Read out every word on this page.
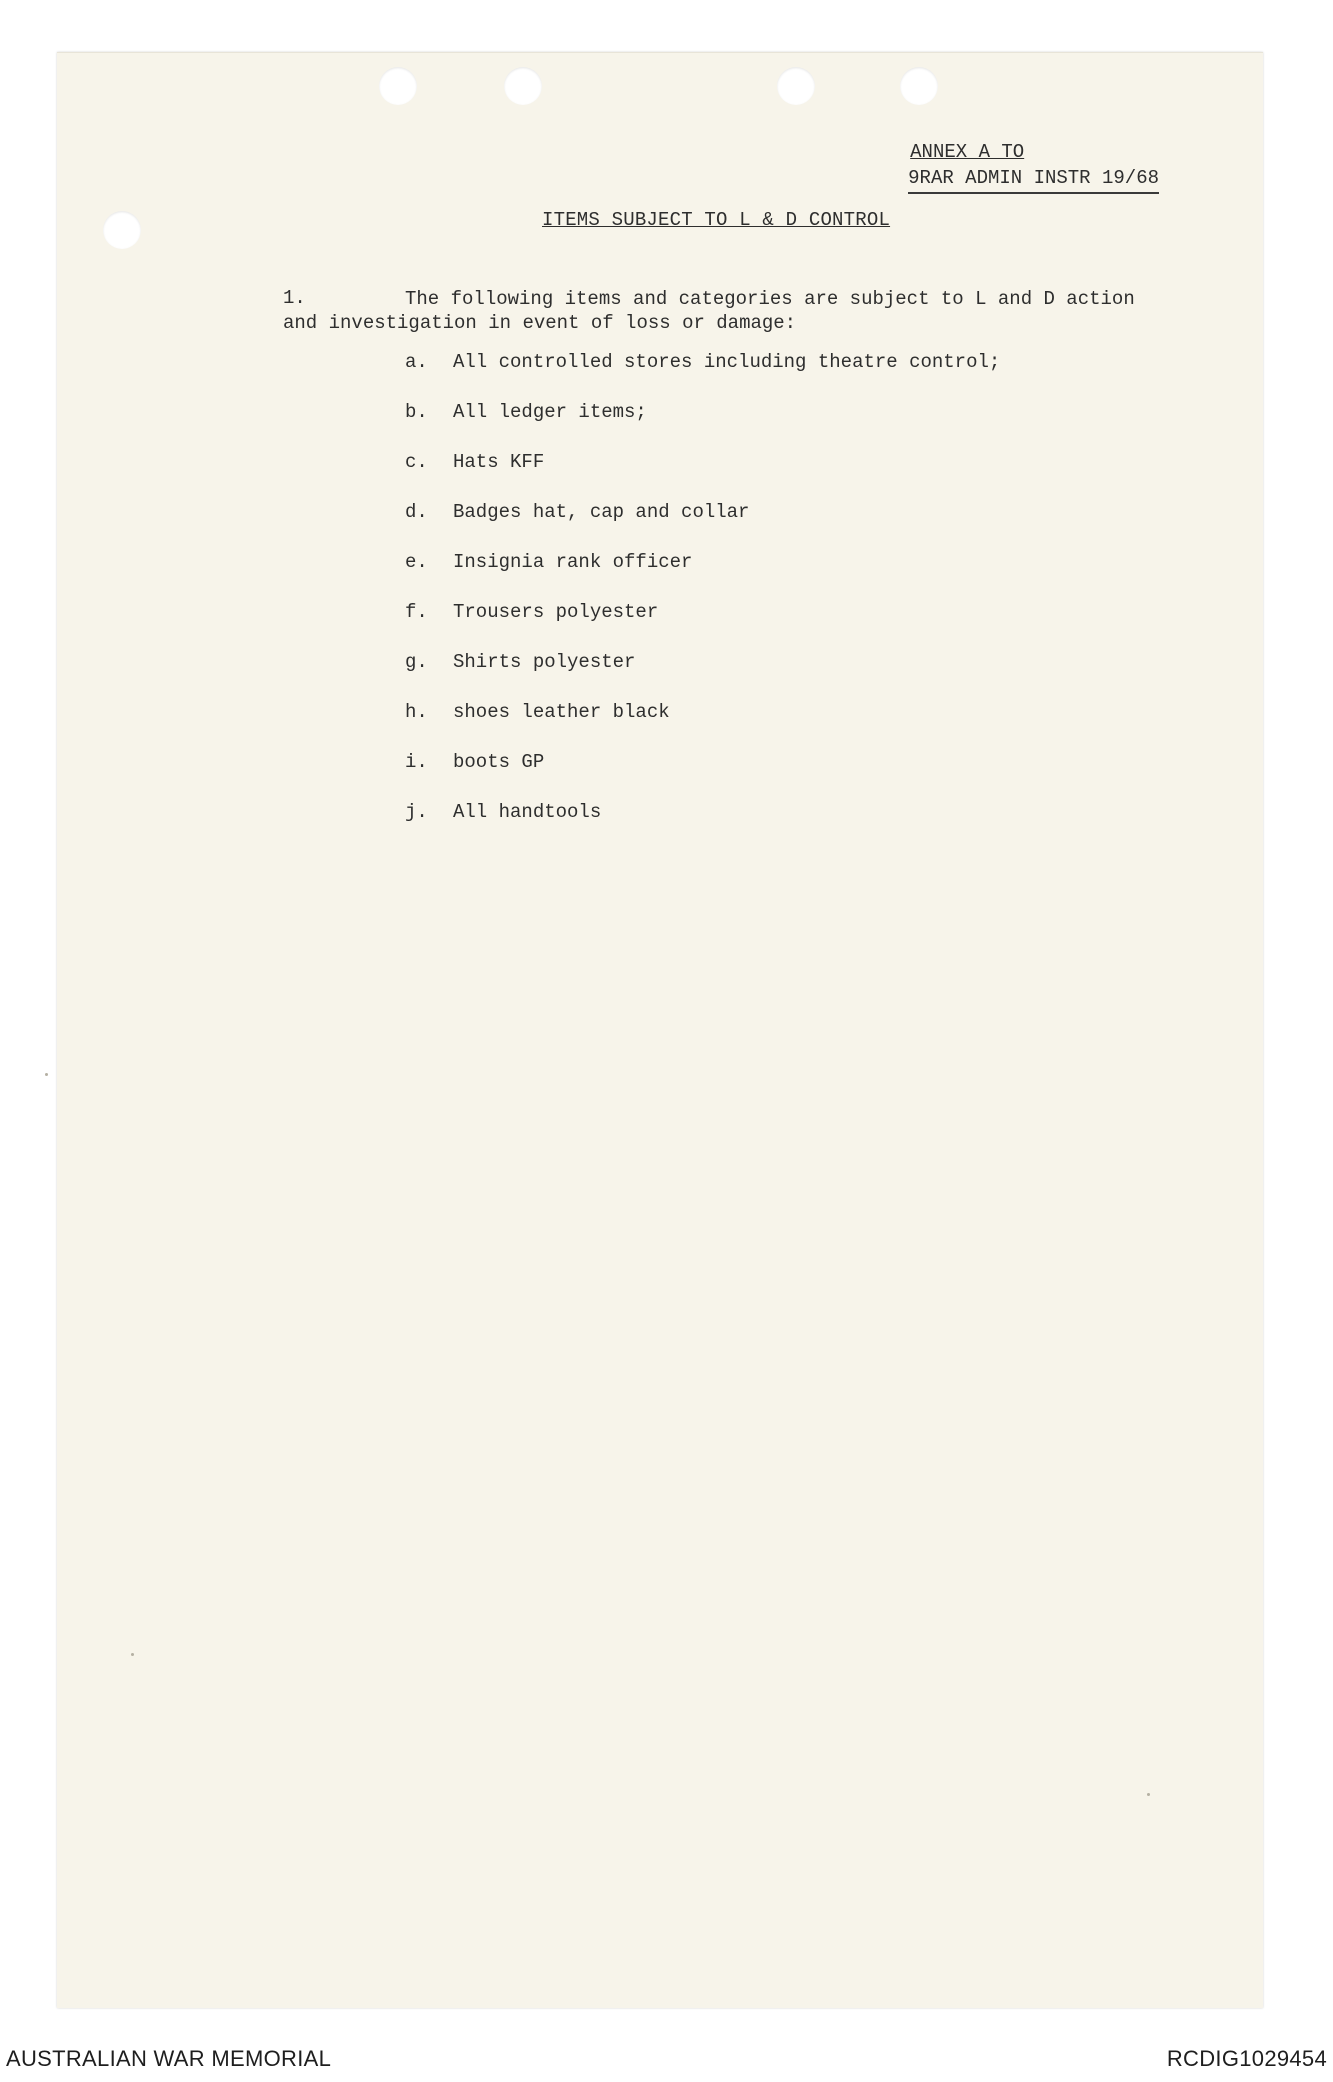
ANNEX A TO
9RAR ADMIN INSTR 19/68
ITEMS SUBJECT TO L & D CONTROL
1.	The following items and categories are subject to L and D action and investigation in event of loss or damage:
a. All controlled stores including theatre control;
b. All ledger items;
c. Hats KFF
d. Badges hat, cap and collar
e. Insignia rank officer
f. Trousers polyester
g. Shirts polyester
h. shoes leather black
i. boots GP
j. All handtools
AUSTRALIAN WAR MEMORIAL	RCDIG1029454
